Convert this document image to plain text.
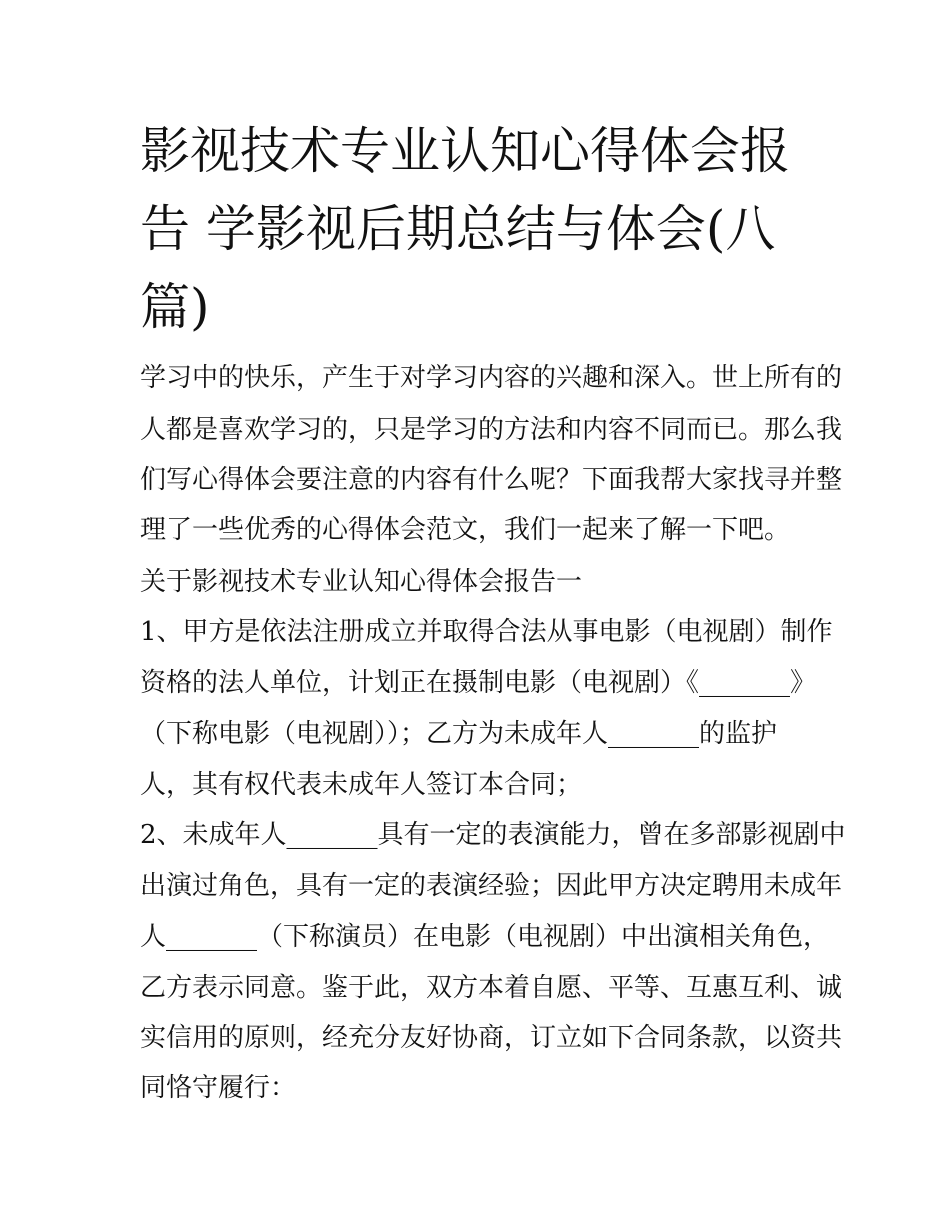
影视技术专业认知心得体会报
告 学影视后期总结与体会(八
篇)

学习中的快乐，产生于对学习内容的兴趣和深入。世上所有的

人都是喜欢学习的，只是学习的方法和内容不同而已。那么我

们写心得体会要注意的内容有什么呢？下面我帮大家找寻并整

理了一些优秀的心得体会范文，我们一起来了解一下吧。

关于影视技术专业认知心得体会报告一

1、甲方是依法注册成立并取得合法从事电影（电视剧）制作

资格的法人单位，计划正在摄制电影（电视剧）《_______》

（下称电影（电视剧））；乙方为未成年人_______的监护

人，其有权代表未成年人签订本合同；

2、未成年人_______具有一定的表演能力，曾在多部影视剧中

出演过角色，具有一定的表演经验；因此甲方决定聘用未成年

人_______（下称演员）在电影（电视剧）中出演相关角色，

乙方表示同意。鉴于此，双方本着自愿、平等、互惠互利、诚

实信用的原则，经充分友好协商，订立如下合同条款，以资共

同恪守履行：
